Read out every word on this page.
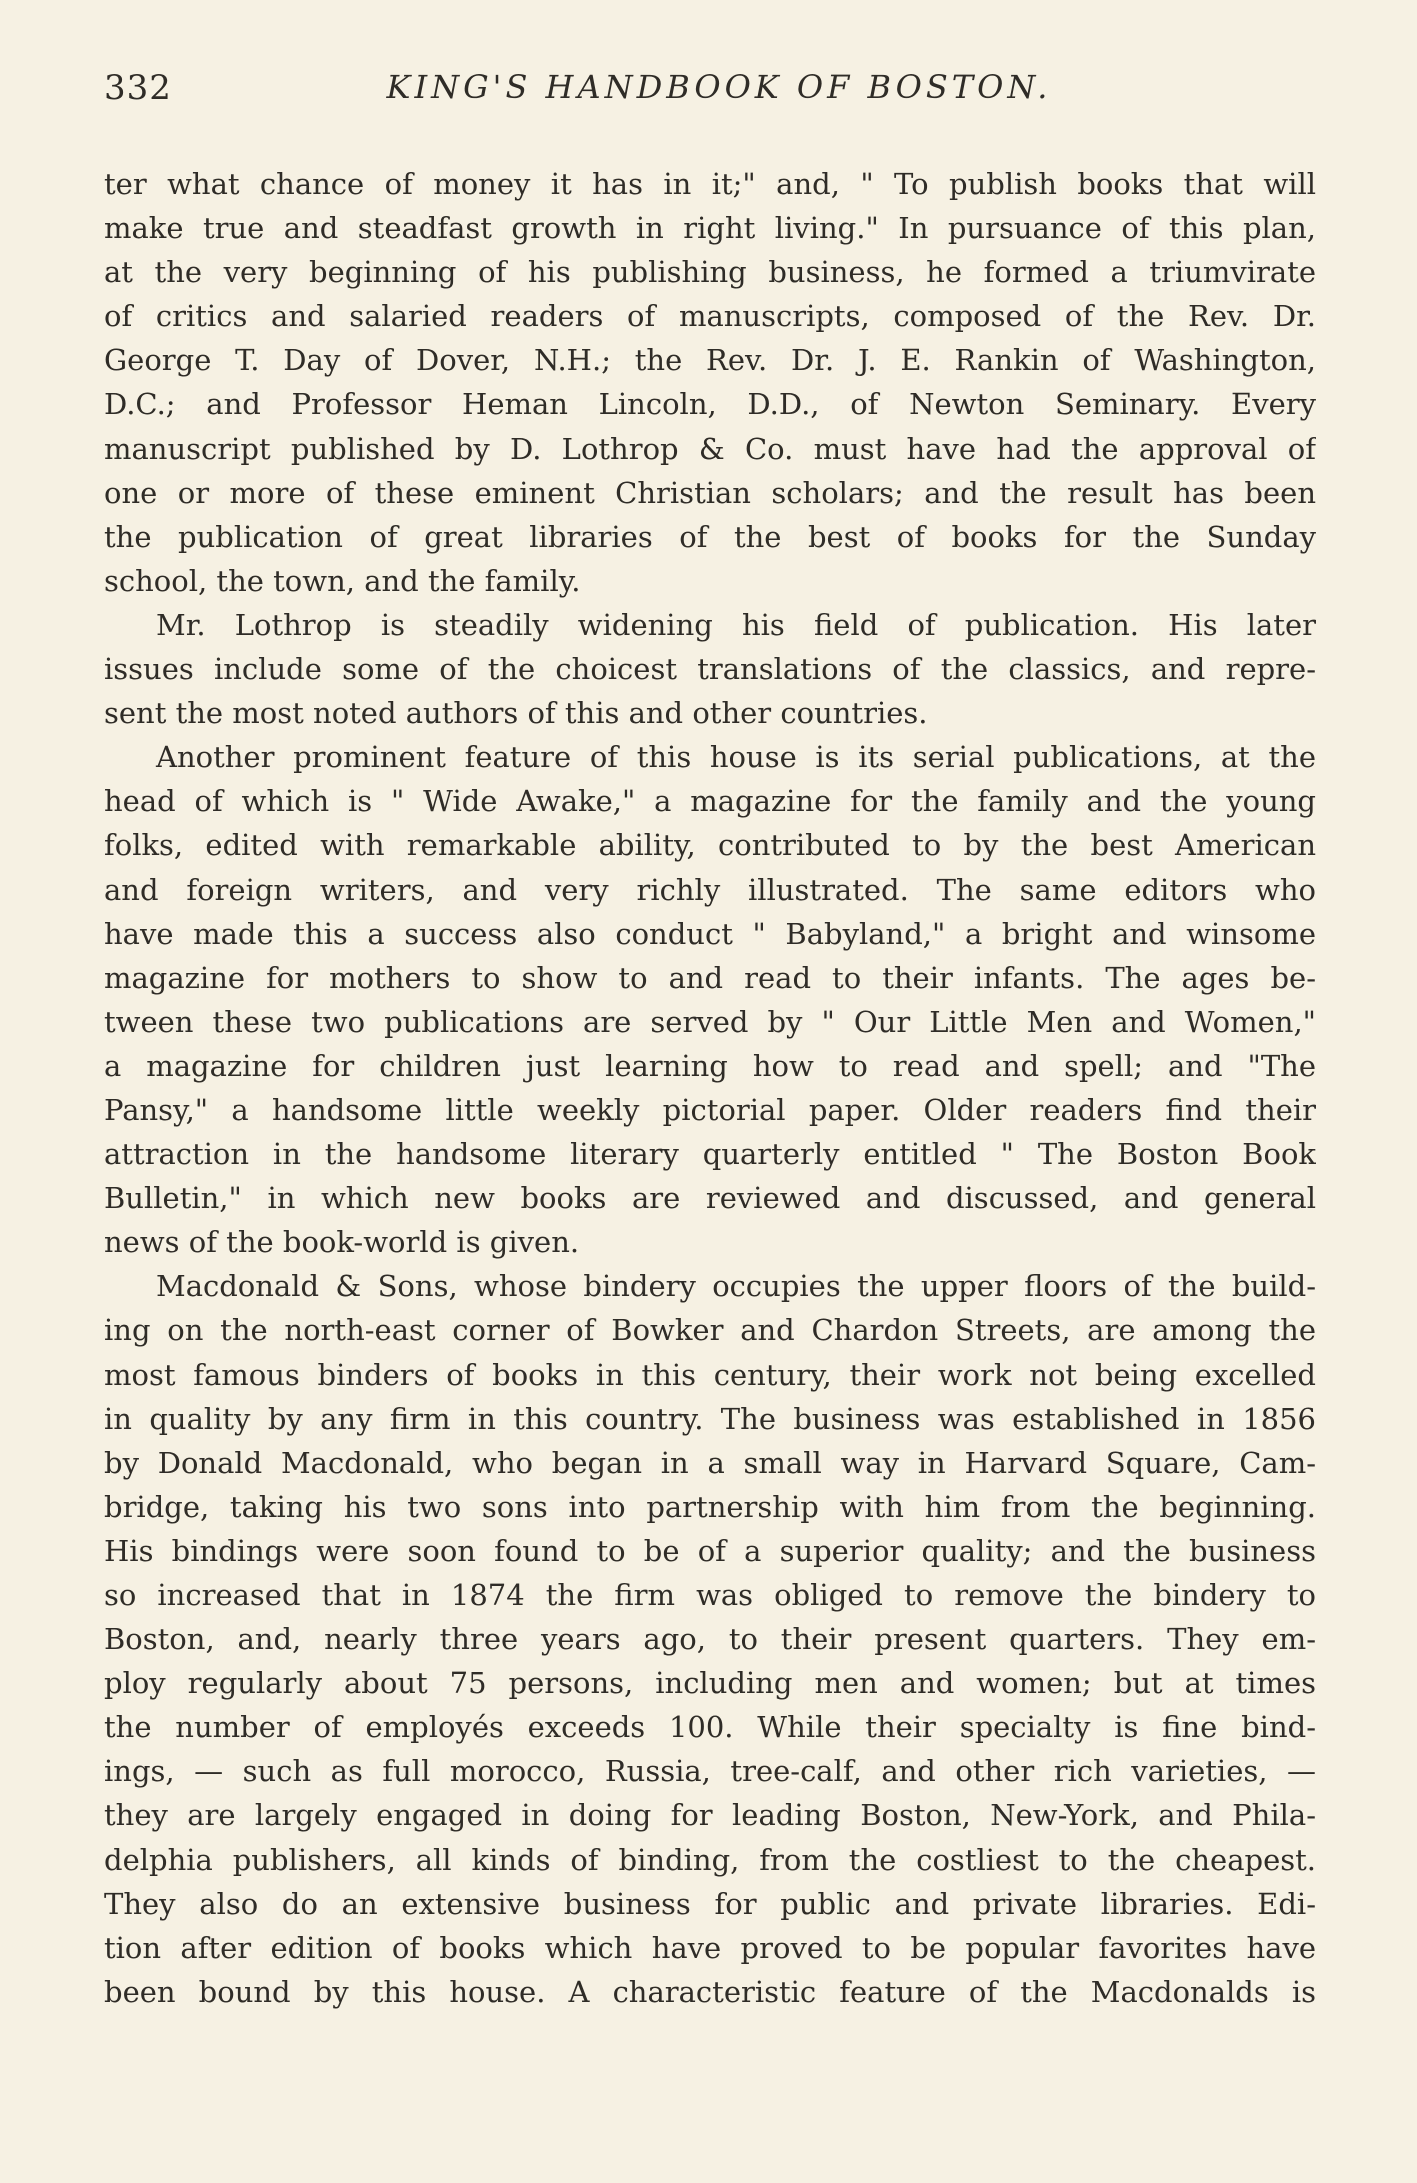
332	KING'S HANDBOOK OF BOSTON.
ter what chance of money it has in it;" and, " To publish books that will
make true and steadfast growth in right living." In pursuance of this plan,
at the very beginning of his publishing business, he formed a triumvirate
of critics and salaried readers of manuscripts, composed of the Rev. Dr.
George T. Day of Dover, N.H.; the Rev. Dr. J. E. Rankin of Washington,
D.C.; and Professor Heman Lincoln, D.D., of Newton Seminary. Every
manuscript published by D. Lothrop & Co. must have had the approval of
one or more of these eminent Christian scholars; and the result has been
the publication of great libraries of the best of books for the Sunday
school, the town, and the family.
Mr. Lothrop is steadily widening his field of publication. His later
issues include some of the choicest translations of the classics, and repre-
sent the most noted authors of this and other countries.
Another prominent feature of this house is its serial publications, at the
head of which is " Wide Awake," a magazine for the family and the young
folks, edited with remarkable ability, contributed to by the best American
and foreign writers, and very richly illustrated. The same editors who
have made this a success also conduct " Babyland," a bright and winsome
magazine for mothers to show to and read to their infants. The ages be-
tween these two publications are served by " Our Little Men and Women,"
a magazine for children just learning how to read and spell; and "The
Pansy," a handsome little weekly pictorial paper. Older readers find their
attraction in the handsome literary quarterly entitled " The Boston Book
Bulletin," in which new books are reviewed and discussed, and general
news of the book-world is given.
Macdonald & Sons, whose bindery occupies the upper floors of the build-
ing on the north-east corner of Bowker and Chardon Streets, are among the
most famous binders of books in this century, their work not being excelled
in quality by any firm in this country. The business was established in 1856
by Donald Macdonald, who began in a small way in Harvard Square, Cam-
bridge, taking his two sons into partnership with him from the beginning.
His bindings were soon found to be of a superior quality; and the business
so increased that in 1874 the firm was obliged to remove the bindery to
Boston, and, nearly three years ago, to their present quarters. They em-
ploy regularly about 75 persons, including men and women; but at times
the number of employés exceeds 100. While their specialty is fine bind-
ings, — such as full morocco, Russia, tree-calf, and other rich varieties, —
they are largely engaged in doing for leading Boston, New-York, and Phila-
delphia publishers, all kinds of binding, from the costliest to the cheapest.
They also do an extensive business for public and private libraries. Edi-
tion after edition of books which have proved to be popular favorites have
been bound by this house. A characteristic feature of the Macdonalds is
